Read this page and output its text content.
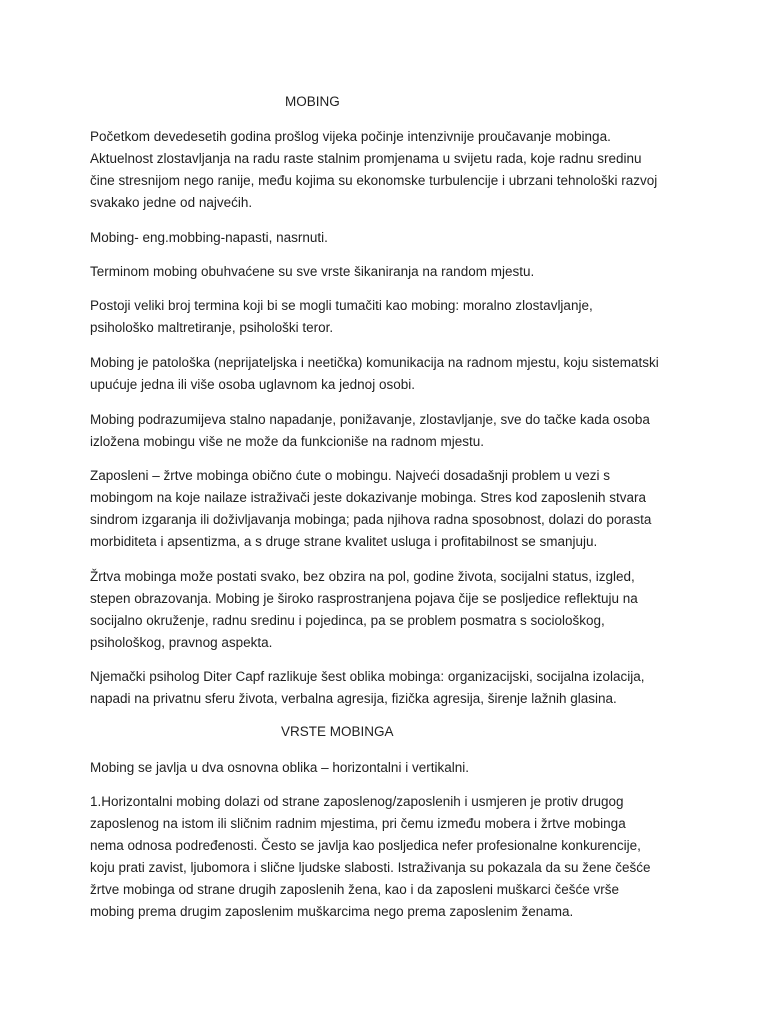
MOBING
Početkom devedesetih godina prošlog vijeka počinje intenzivnije proučavanje mobinga.
Aktuelnost zlostavljanja na radu raste stalnim promjenama u svijetu rada, koje radnu sredinu
čine stresnijom nego ranije, među kojima su ekonomske turbulencije i ubrzani tehnološki razvoj
svakako jedne od najvećih.
Mobing- eng.mobbing-napasti, nasrnuti.
Terminom mobing obuhvaćene su sve vrste šikaniranja na random mjestu.
Postoji veliki broj termina koji bi se mogli tumačiti kao mobing: moralno zlostavljanje,
psihološko maltretiranje, psihološki teror.
Mobing je patološka (neprijateljska i neetička) komunikacija na radnom mjestu, koju sistematski
upućuje jedna ili više osoba uglavnom ka jednoj osobi.
Mobing podrazumijeva stalno napadanje, ponižavanje, zlostavljanje, sve do tačke kada osoba
izložena mobingu više ne može da funkcioniše na radnom mjestu.
Zaposleni – žrtve mobinga obično ćute o mobingu. Najveći dosadašnji problem u vezi s
mobingom na koje nailaze istraživači jeste dokazivanje mobinga. Stres kod zaposlenih stvara
sindrom izgaranja ili doživljavanja mobinga; pada njihova radna sposobnost, dolazi do porasta
morbiditeta i apsentizma, a s druge strane kvalitet usluga i profitabilnost se smanjuju.
Žrtva mobinga može postati svako, bez obzira na pol, godine života, socijalni status, izgled,
stepen obrazovanja. Mobing je široko rasprostranjena pojava čije se posljedice reflektuju na
socijalno okruženje, radnu sredinu i pojedinca, pa se problem posmatra s sociološkog,
psihološkog, pravnog aspekta.
Njemački psiholog Diter Capf razlikuje šest oblika mobinga: organizacijski, socijalna izolacija,
napadi na privatnu sferu života, verbalna agresija, fizička agresija, širenje lažnih glasina.
VRSTE MOBINGA
Mobing se javlja u dva osnovna oblika – horizontalni i vertikalni.
1.Horizontalni mobing dolazi od strane zaposlenog/zaposlenih i usmjeren je protiv drugog
zaposlenog na istom ili sličnim radnim mjestima, pri čemu između mobera i žrtve mobinga
nema odnosa podređenosti. Često se javlja kao posljedica nefer profesionalne konkurencije,
koju prati zavist, ljubomora i slične ljudske slabosti. Istraživanja su pokazala da su žene češće
žrtve mobinga od strane drugih zaposlenih žena, kao i da zaposleni muškarci češće vrše
mobing prema drugim zaposlenim muškarcima nego prema zaposlenim ženama.
